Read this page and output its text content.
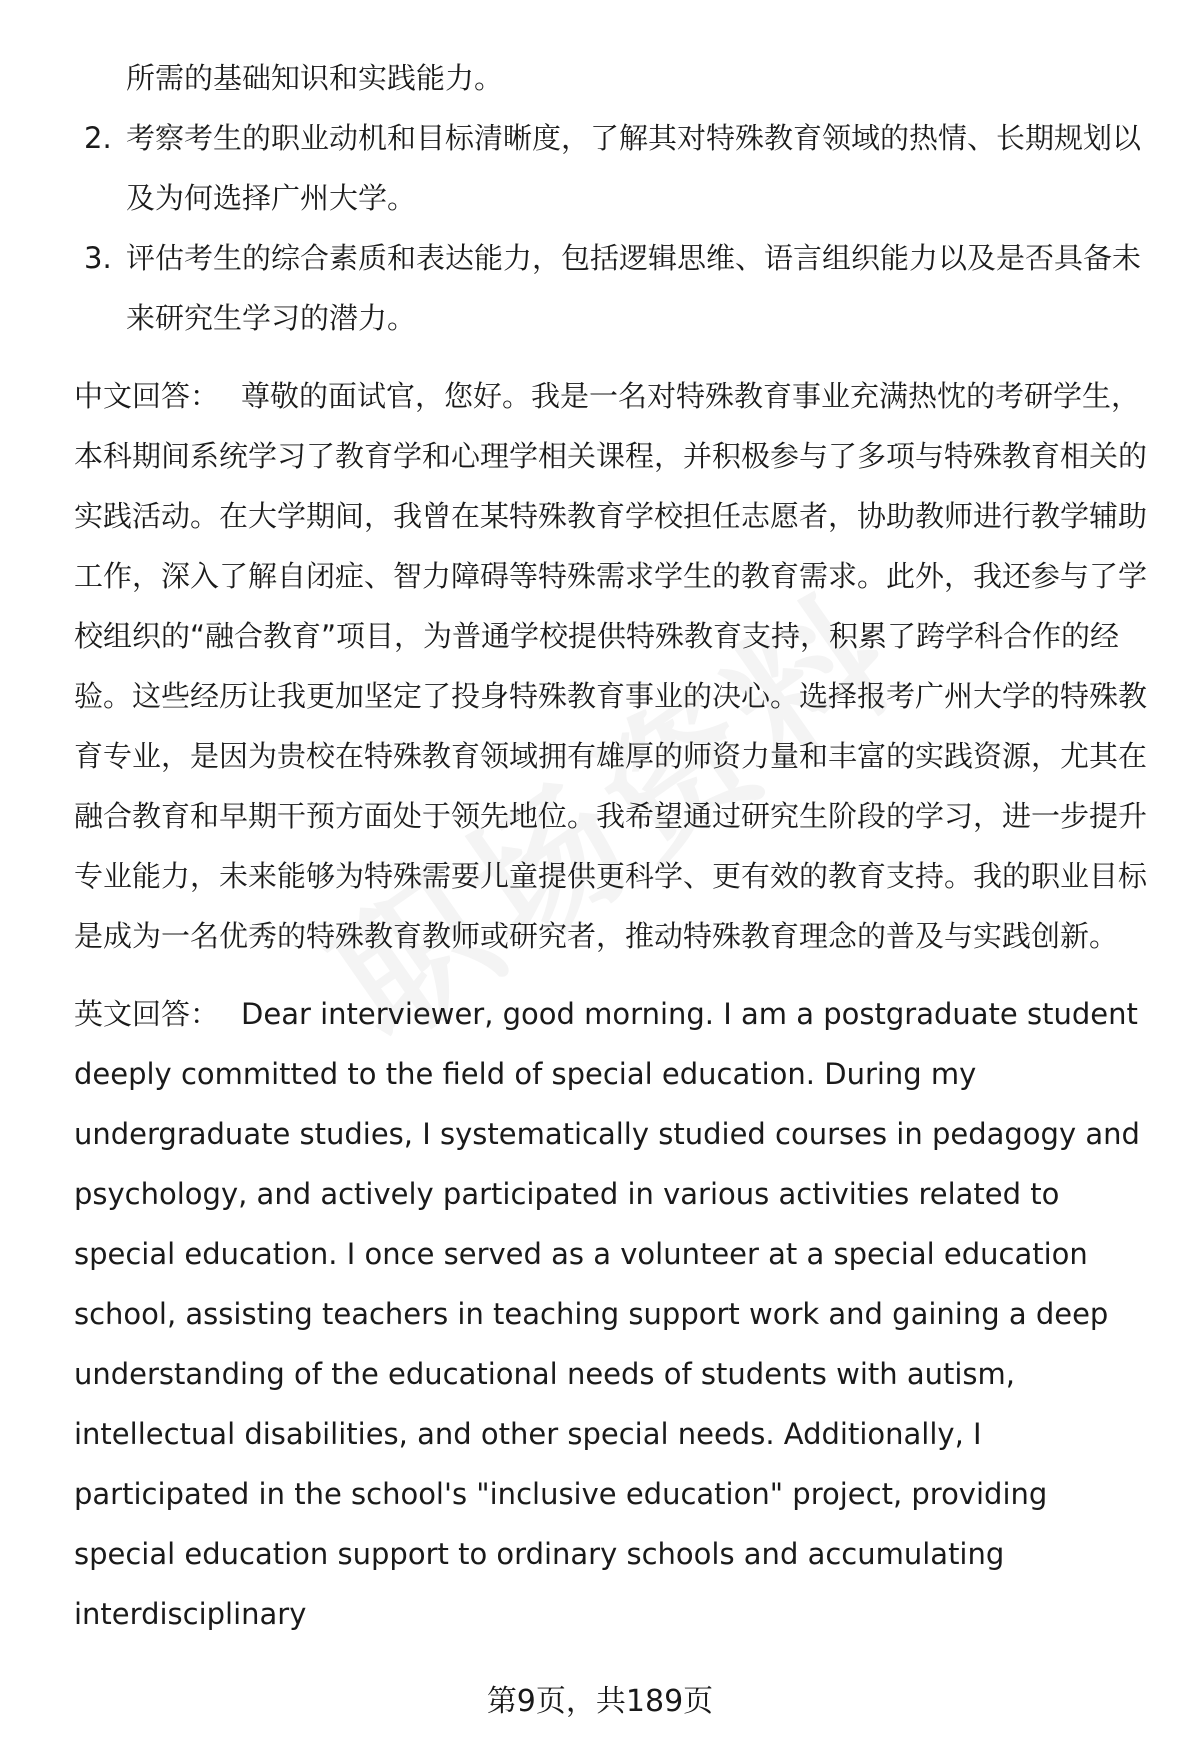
所需的基础知识和实践能力。
2. 考察考生的职业动机和目标清晰度，了解其对特殊教育领域的热情、长期规划以及为何选择广州大学。
3. 评估考生的综合素质和表达能力，包括逻辑思维、语言组织能力以及是否具备未来研究生学习的潜力。
中文回答： 尊敬的面试官，您好。我是一名对特殊教育事业充满热忱的考研学生，本科期间系统学习了教育学和心理学相关课程，并积极参与了多项与特殊教育相关的实践活动。在大学期间，我曾在某特殊教育学校担任志愿者，协助教师进行教学辅助工作，深入了解自闭症、智力障碍等特殊需求学生的教育需求。此外，我还参与了学校组织的“融合教育”项目，为普通学校提供特殊教育支持，积累了跨学科合作的经验。这些经历让我更加坚定了投身特殊教育事业的决心。选择报考广州大学的特殊教育专业，是因为贵校在特殊教育领域拥有雄厚的师资力量和丰富的实践资源，尤其在融合教育和早期干预方面处于领先地位。我希望通过研究生阶段的学习，进一步提升专业能力，未来能够为特殊需要儿童提供更科学、更有效的教育支持。我的职业目标是成为一名优秀的特殊教育教师或研究者，推动特殊教育理念的普及与实践创新。
英文回答： Dear interviewer, good morning. I am a postgraduate student deeply committed to the field of special education. During my undergraduate studies, I systematically studied courses in pedagogy and psychology, and actively participated in various activities related to special education. I once served as a volunteer at a special education school, assisting teachers in teaching support work and gaining a deep understanding of the educational needs of students with autism, intellectual disabilities, and other special needs. Additionally, I participated in the school's "inclusive education" project, providing special education support to ordinary schools and accumulating interdisciplinary
第9页，共189页
